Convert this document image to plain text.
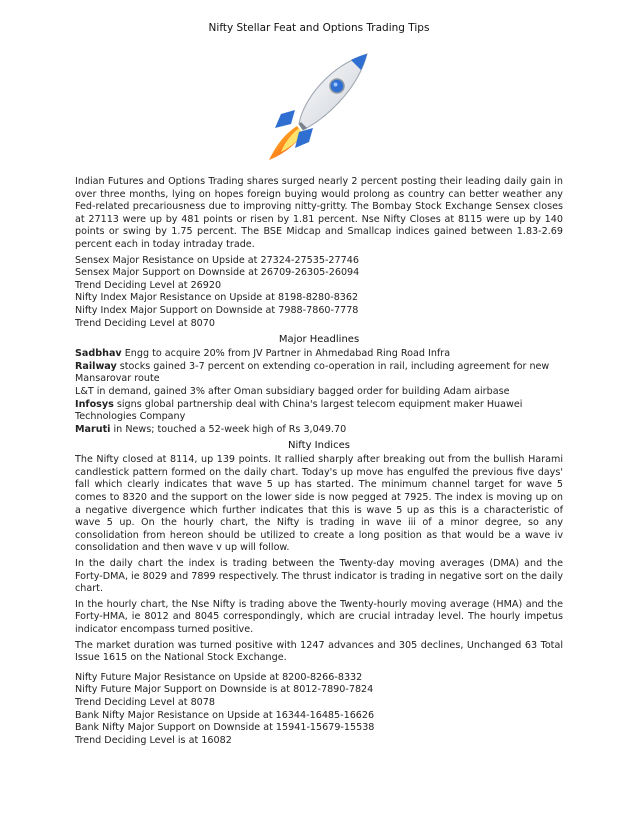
Nifty Stellar Feat and Options Trading Tips

Indian Futures and Options Trading shares surged nearly 2 percent posting their leading daily gain in over three months, lying on hopes foreign buying would prolong as country can better weather any Fed-related precariousness due to improving nitty-gritty. The Bombay Stock Exchange Sensex closes at 27113 were up by 481 points or risen by 1.81 percent. Nse Nifty Closes at 8115 were up by 140 points or swing by 1.75 percent. The BSE Midcap and Smallcap indices gained between 1.83-2.69 percent each in today intraday trade.

Sensex Major Resistance on Upside at 27324-27535-27746

Sensex Major Support on Downside at 26709-26305-26094

Trend Deciding Level at 26920

Nifty Index Major Resistance on Upside at 8198-8280-8362

Nifty Index Major Support on Downside at 7988-7860-7778

Trend Deciding Level at 8070

Major Headlines

Sadbhav Engg to acquire 20% from JV Partner in Ahmedabad Ring Road Infra

Railway stocks gained 3-7 percent on extending co-operation in rail, including agreement for new Mansarovar route

L&T in demand, gained 3% after Oman subsidiary bagged order for building Adam airbase

Infosys signs global partnership deal with China's largest telecom equipment maker Huawei Technologies Company

Maruti in News; touched a 52-week high of Rs 3,049.70

Nifty Indices

The Nifty closed at 8114, up 139 points. It rallied sharply after breaking out from the bullish Harami candlestick pattern formed on the daily chart. Today's up move has engulfed the previous five days' fall which clearly indicates that wave 5 up has started. The minimum channel target for wave 5 comes to 8320 and the support on the lower side is now pegged at 7925. The index is moving up on a negative divergence which further indicates that this is wave 5 up as this is a characteristic of wave 5 up. On the hourly chart, the Nifty is trading in wave iii of a minor degree, so any consolidation from hereon should be utilized to create a long position as that would be a wave iv consolidation and then wave v up will follow.

In the daily chart the index is trading between the Twenty-day moving averages (DMA) and the Forty-DMA, ie 8029 and 7899 respectively. The thrust indicator is trading in negative sort on the daily chart.

In the hourly chart, the Nse Nifty is trading above the Twenty-hourly moving average (HMA) and the Forty-HMA, ie 8012 and 8045 correspondingly, which are crucial intraday level. The hourly impetus indicator encompass turned positive.

The market duration was turned positive with 1247 advances and 305 declines, Unchanged 63 Total Issue 1615 on the National Stock Exchange.

Nifty Future Major Resistance on Upside at 8200-8266-8332

Nifty Future Major Support on Downside is at 8012-7890-7824

Trend Deciding Level at 8078

Bank Nifty Major Resistance on Upside at 16344-16485-16626

Bank Nifty Major Support on Downside at 15941-15679-15538

Trend Deciding Level is at 16082
